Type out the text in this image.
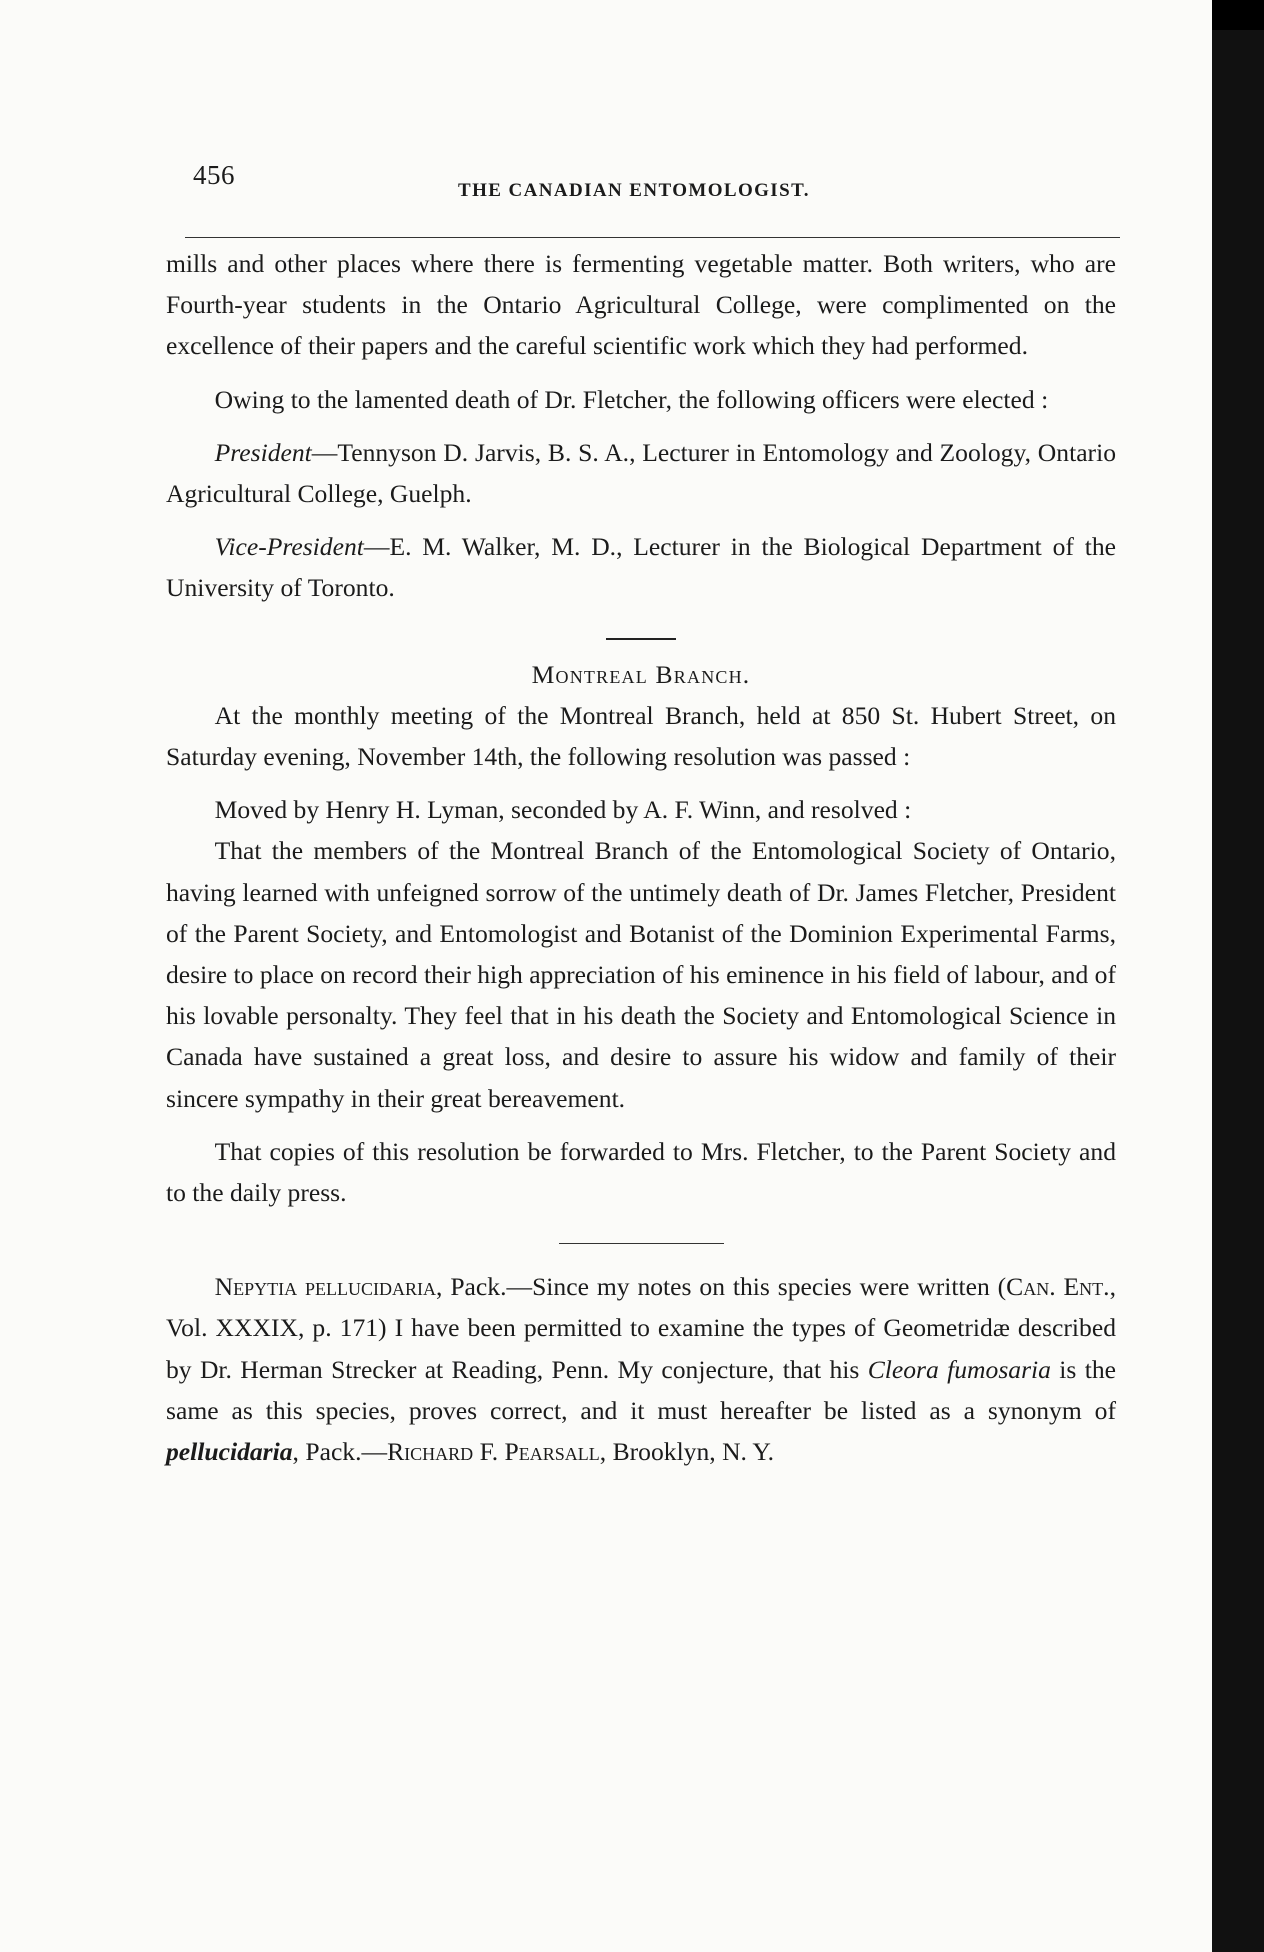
456
THE CANADIAN ENTOMOLOGIST.

mills and other places where there is fermenting vegetable matter. Both writers, who are Fourth-year students in the Ontario Agricultural College, were complimented on the excellence of their papers and the careful scientific work which they had performed.

Owing to the lamented death of Dr. Fletcher, the following officers were elected :

President—Tennyson D. Jarvis, B. S. A., Lecturer in Entomology and Zoology, Ontario Agricultural College, Guelph.

Vice-President—E. M. Walker, M. D., Lecturer in the Biological Department of the University of Toronto.

Montreal Branch.

At the monthly meeting of the Montreal Branch, held at 850 St. Hubert Street, on Saturday evening, November 14th, the following resolution was passed :

Moved by Henry H. Lyman, seconded by A. F. Winn, and resolved :

That the members of the Montreal Branch of the Entomological Society of Ontario, having learned with unfeigned sorrow of the untimely death of Dr. James Fletcher, President of the Parent Society, and Entomologist and Botanist of the Dominion Experimental Farms, desire to place on record their high appreciation of his eminence in his field of labour, and of his lovable personalty. They feel that in his death the Society and Entomological Science in Canada have sustained a great loss, and desire to assure his widow and family of their sincere sympathy in their great bereavement.

That copies of this resolution be forwarded to Mrs. Fletcher, to the Parent Society and to the daily press.

Nepytia pellucidaria, Pack.—Since my notes on this species were written (Can. Ent., Vol. XXXIX, p. 171) I have been permitted to examine the types of Geometridæ described by Dr. Herman Strecker at Reading, Penn. My conjecture, that his Cleora fumosaria is the same as this species, proves correct, and it must hereafter be listed as a synonym of pellucidaria, Pack.—Richard F. Pearsall, Brooklyn, N. Y.
